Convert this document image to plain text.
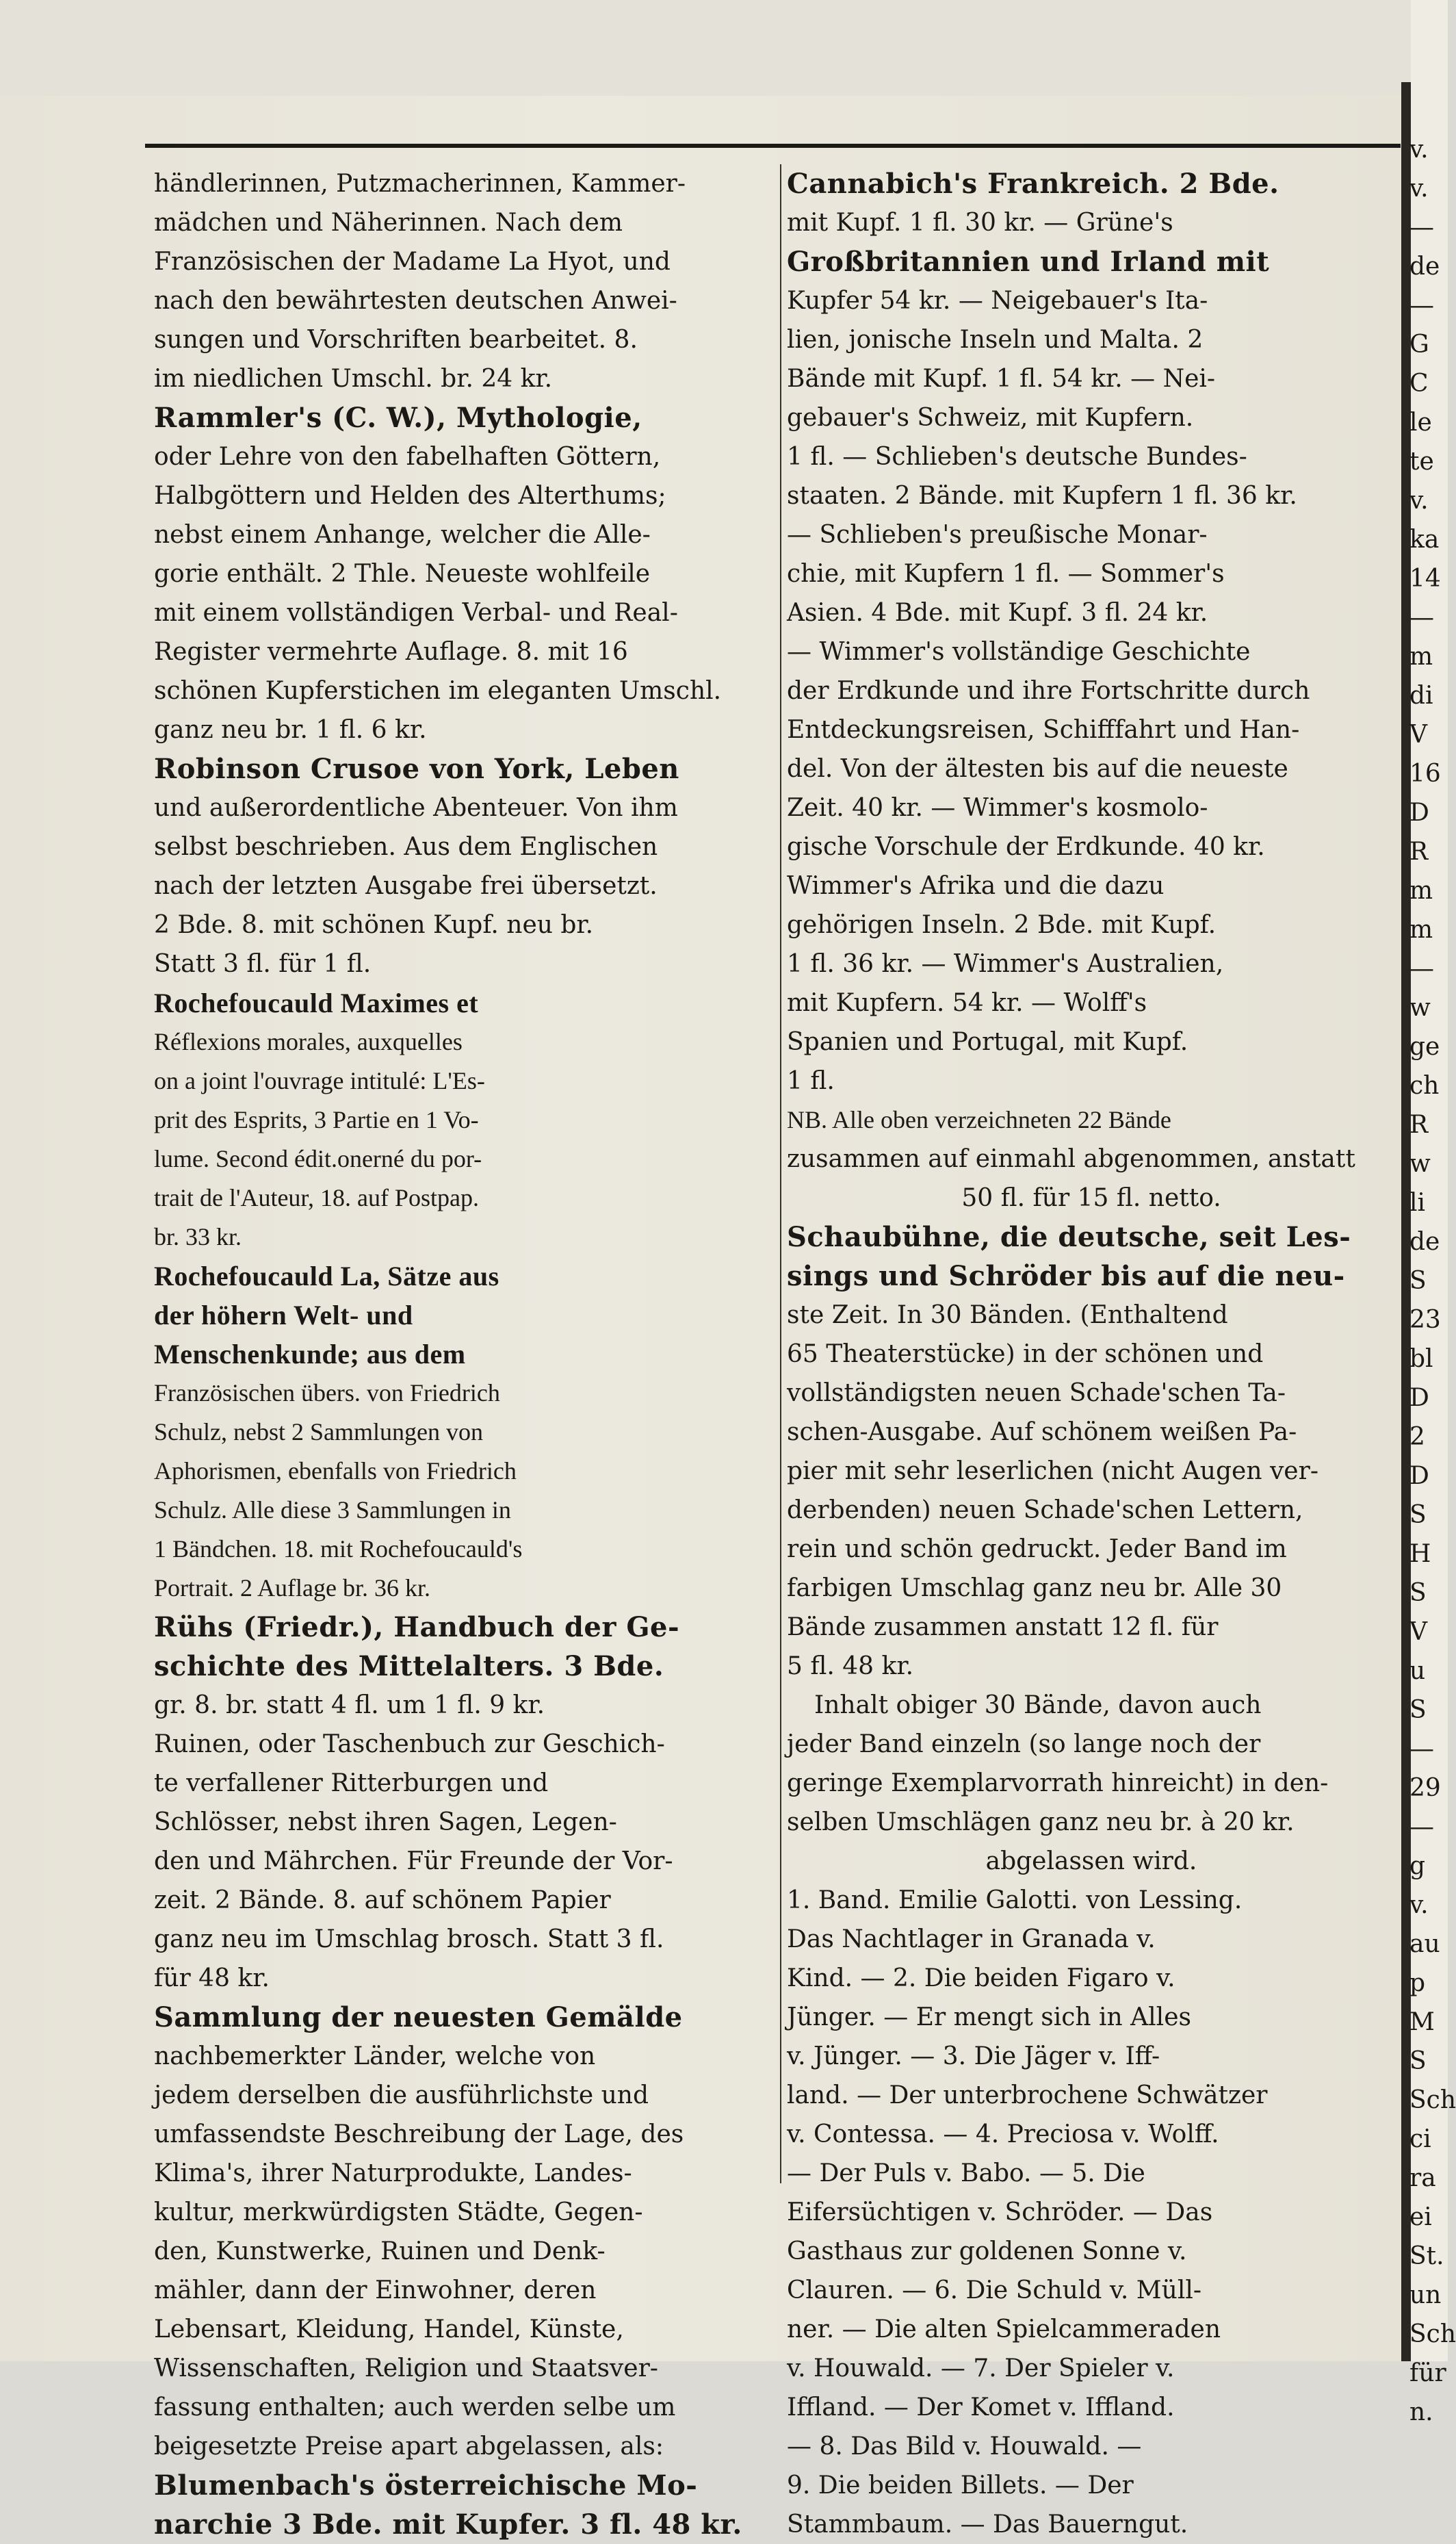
händlerinnen, Putzmacherinnen, Kammer-
mädchen und Näherinnen. Nach dem
Französischen der Madame La Hyot, und
nach den bewährtesten deutschen Anwei-
sungen und Vorschriften bearbeitet. 8.
im niedlichen Umschl. br. 24 kr.
Rammler's (C. W.), Mythologie,
oder Lehre von den fabelhaften Göttern,
Halbgöttern und Helden des Alterthums;
nebst einem Anhange, welcher die Alle-
gorie enthält. 2 Thle. Neueste wohlfeile
mit einem vollständigen Verbal- und Real-
Register vermehrte Auflage. 8. mit 16
schönen Kupferstichen im eleganten Umschl.
ganz neu br. 1 fl. 6 kr.
Robinson Crusoe von York, Leben
und außerordentliche Abenteuer. Von ihm
selbst beschrieben. Aus dem Englischen
nach der letzten Ausgabe frei übersetzt.
2 Bde. 8. mit schönen Kupf. neu br.
Statt 3 fl. für 1 fl.
Rochefoucauld Maximes et
Réflexions morales, auxquelles
on a joint l'ouvrage intitulé: L'Es-
prit des Esprits, 3 Partie en 1 Vo-
lume. Second édit.onerné du por-
trait de l'Auteur, 18. auf Postpap.
br. 33 kr.
Rochefoucauld La, Sätze aus
der höhern Welt- und
Menschenkunde; aus dem
Französischen übers. von Friedrich
Schulz, nebst 2 Sammlungen von
Aphorismen, ebenfalls von Friedrich
Schulz. Alle diese 3 Sammlungen in
1 Bändchen. 18. mit Rochefoucauld's
Portrait. 2 Auflage br. 36 kr.
Rühs (Friedr.), Handbuch der Ge-
schichte des Mittelalters. 3 Bde.
gr. 8. br. statt 4 fl. um 1 fl. 9 kr.
Ruinen, oder Taschenbuch zur Geschich-
te verfallener Ritterburgen und
Schlösser, nebst ihren Sagen, Legen-
den und Mährchen. Für Freunde der Vor-
zeit. 2 Bände. 8. auf schönem Papier
ganz neu im Umschlag brosch. Statt 3 fl.
für 48 kr.
Sammlung der neuesten Gemälde
nachbemerkter Länder, welche von
jedem derselben die ausführlichste und
umfassendste Beschreibung der Lage, des
Klima's, ihrer Naturprodukte, Landes-
kultur, merkwürdigsten Städte, Gegen-
den, Kunstwerke, Ruinen und Denk-
mähler, dann der Einwohner, deren
Lebensart, Kleidung, Handel, Künste,
Wissenschaften, Religion und Staatsver-
fassung enthalten; auch werden selbe um
beigesetzte Preise apart abgelassen, als:
Blumenbach's österreichische Mo-
narchie 3 Bde. mit Kupfer. 3 fl. 48 kr.
Cannabich's Frankreich. 2 Bde.
mit Kupf. 1 fl. 30 kr. — Grüne's
Großbritannien und Irland mit
Kupfer 54 kr. — Neigebauer's Ita-
lien, jonische Inseln und Malta. 2
Bände mit Kupf. 1 fl. 54 kr. — Nei-
gebauer's Schweiz, mit Kupfern.
1 fl. — Schlieben's deutsche Bundes-
staaten. 2 Bände. mit Kupfern 1 fl. 36 kr.
— Schlieben's preußische Monar-
chie, mit Kupfern 1 fl. — Sommer's
Asien. 4 Bde. mit Kupf. 3 fl. 24 kr.
— Wimmer's vollständige Geschichte
der Erdkunde und ihre Fortschritte durch
Entdeckungsreisen, Schifffahrt und Han-
del. Von der ältesten bis auf die neueste
Zeit. 40 kr. — Wimmer's kosmolo-
gische Vorschule der Erdkunde. 40 kr.
Wimmer's Afrika und die dazu
gehörigen Inseln. 2 Bde. mit Kupf.
1 fl. 36 kr. — Wimmer's Australien,
mit Kupfern. 54 kr. — Wolff's
Spanien und Portugal, mit Kupf.
1 fl.
NB. Alle oben verzeichneten 22 Bände
zusammen auf einmahl abgenommen, anstatt
50 fl. für 15 fl. netto.
Schaubühne, die deutsche, seit Les-
sings und Schröder bis auf die neu-
ste Zeit. In 30 Bänden. (Enthaltend
65 Theaterstücke) in der schönen und
vollständigsten neuen Schade'schen Ta-
schen-Ausgabe. Auf schönem weißen Pa-
pier mit sehr leserlichen (nicht Augen ver-
derbenden) neuen Schade'schen Lettern,
rein und schön gedruckt. Jeder Band im
farbigen Umschlag ganz neu br. Alle 30
Bände zusammen anstatt 12 fl. für
5 fl. 48 kr.
Inhalt obiger 30 Bände, davon auch
jeder Band einzeln (so lange noch der
geringe Exemplarvorrath hinreicht) in den-
selben Umschlägen ganz neu br. à 20 kr.
abgelassen wird.
1. Band. Emilie Galotti. von Lessing.
Das Nachtlager in Granada v.
Kind. — 2. Die beiden Figaro v.
Jünger. — Er mengt sich in Alles
v. Jünger. — 3. Die Jäger v. Iff-
land. — Der unterbrochene Schwätzer
v. Contessa. — 4. Preciosa v. Wolff.
— Der Puls v. Babo. — 5. Die
Eifersüchtigen v. Schröder. — Das
Gasthaus zur goldenen Sonne v.
Clauren. — 6. Die Schuld v. Müll-
ner. — Die alten Spielcammeraden
v. Houwald. — 7. Der Spieler v.
Iffland. — Der Komet v. Iffland.
— 8. Das Bild v. Houwald. —
9. Die beiden Billets. — Der
Stammbaum. — Das Bauerngut.
v.
v.
—
de
—
G
C
le
te
v.
ka
14
—
m
di
V
16
D
R
m
m
—
w
ge
ch
R
w
li
de
S
23
bl
D
2
D
S
H
S
V
u
S
—
29
—
g
v.
au
p
M
S
Sch
ci
ra
ei
St.
un
Sch
für
n.
